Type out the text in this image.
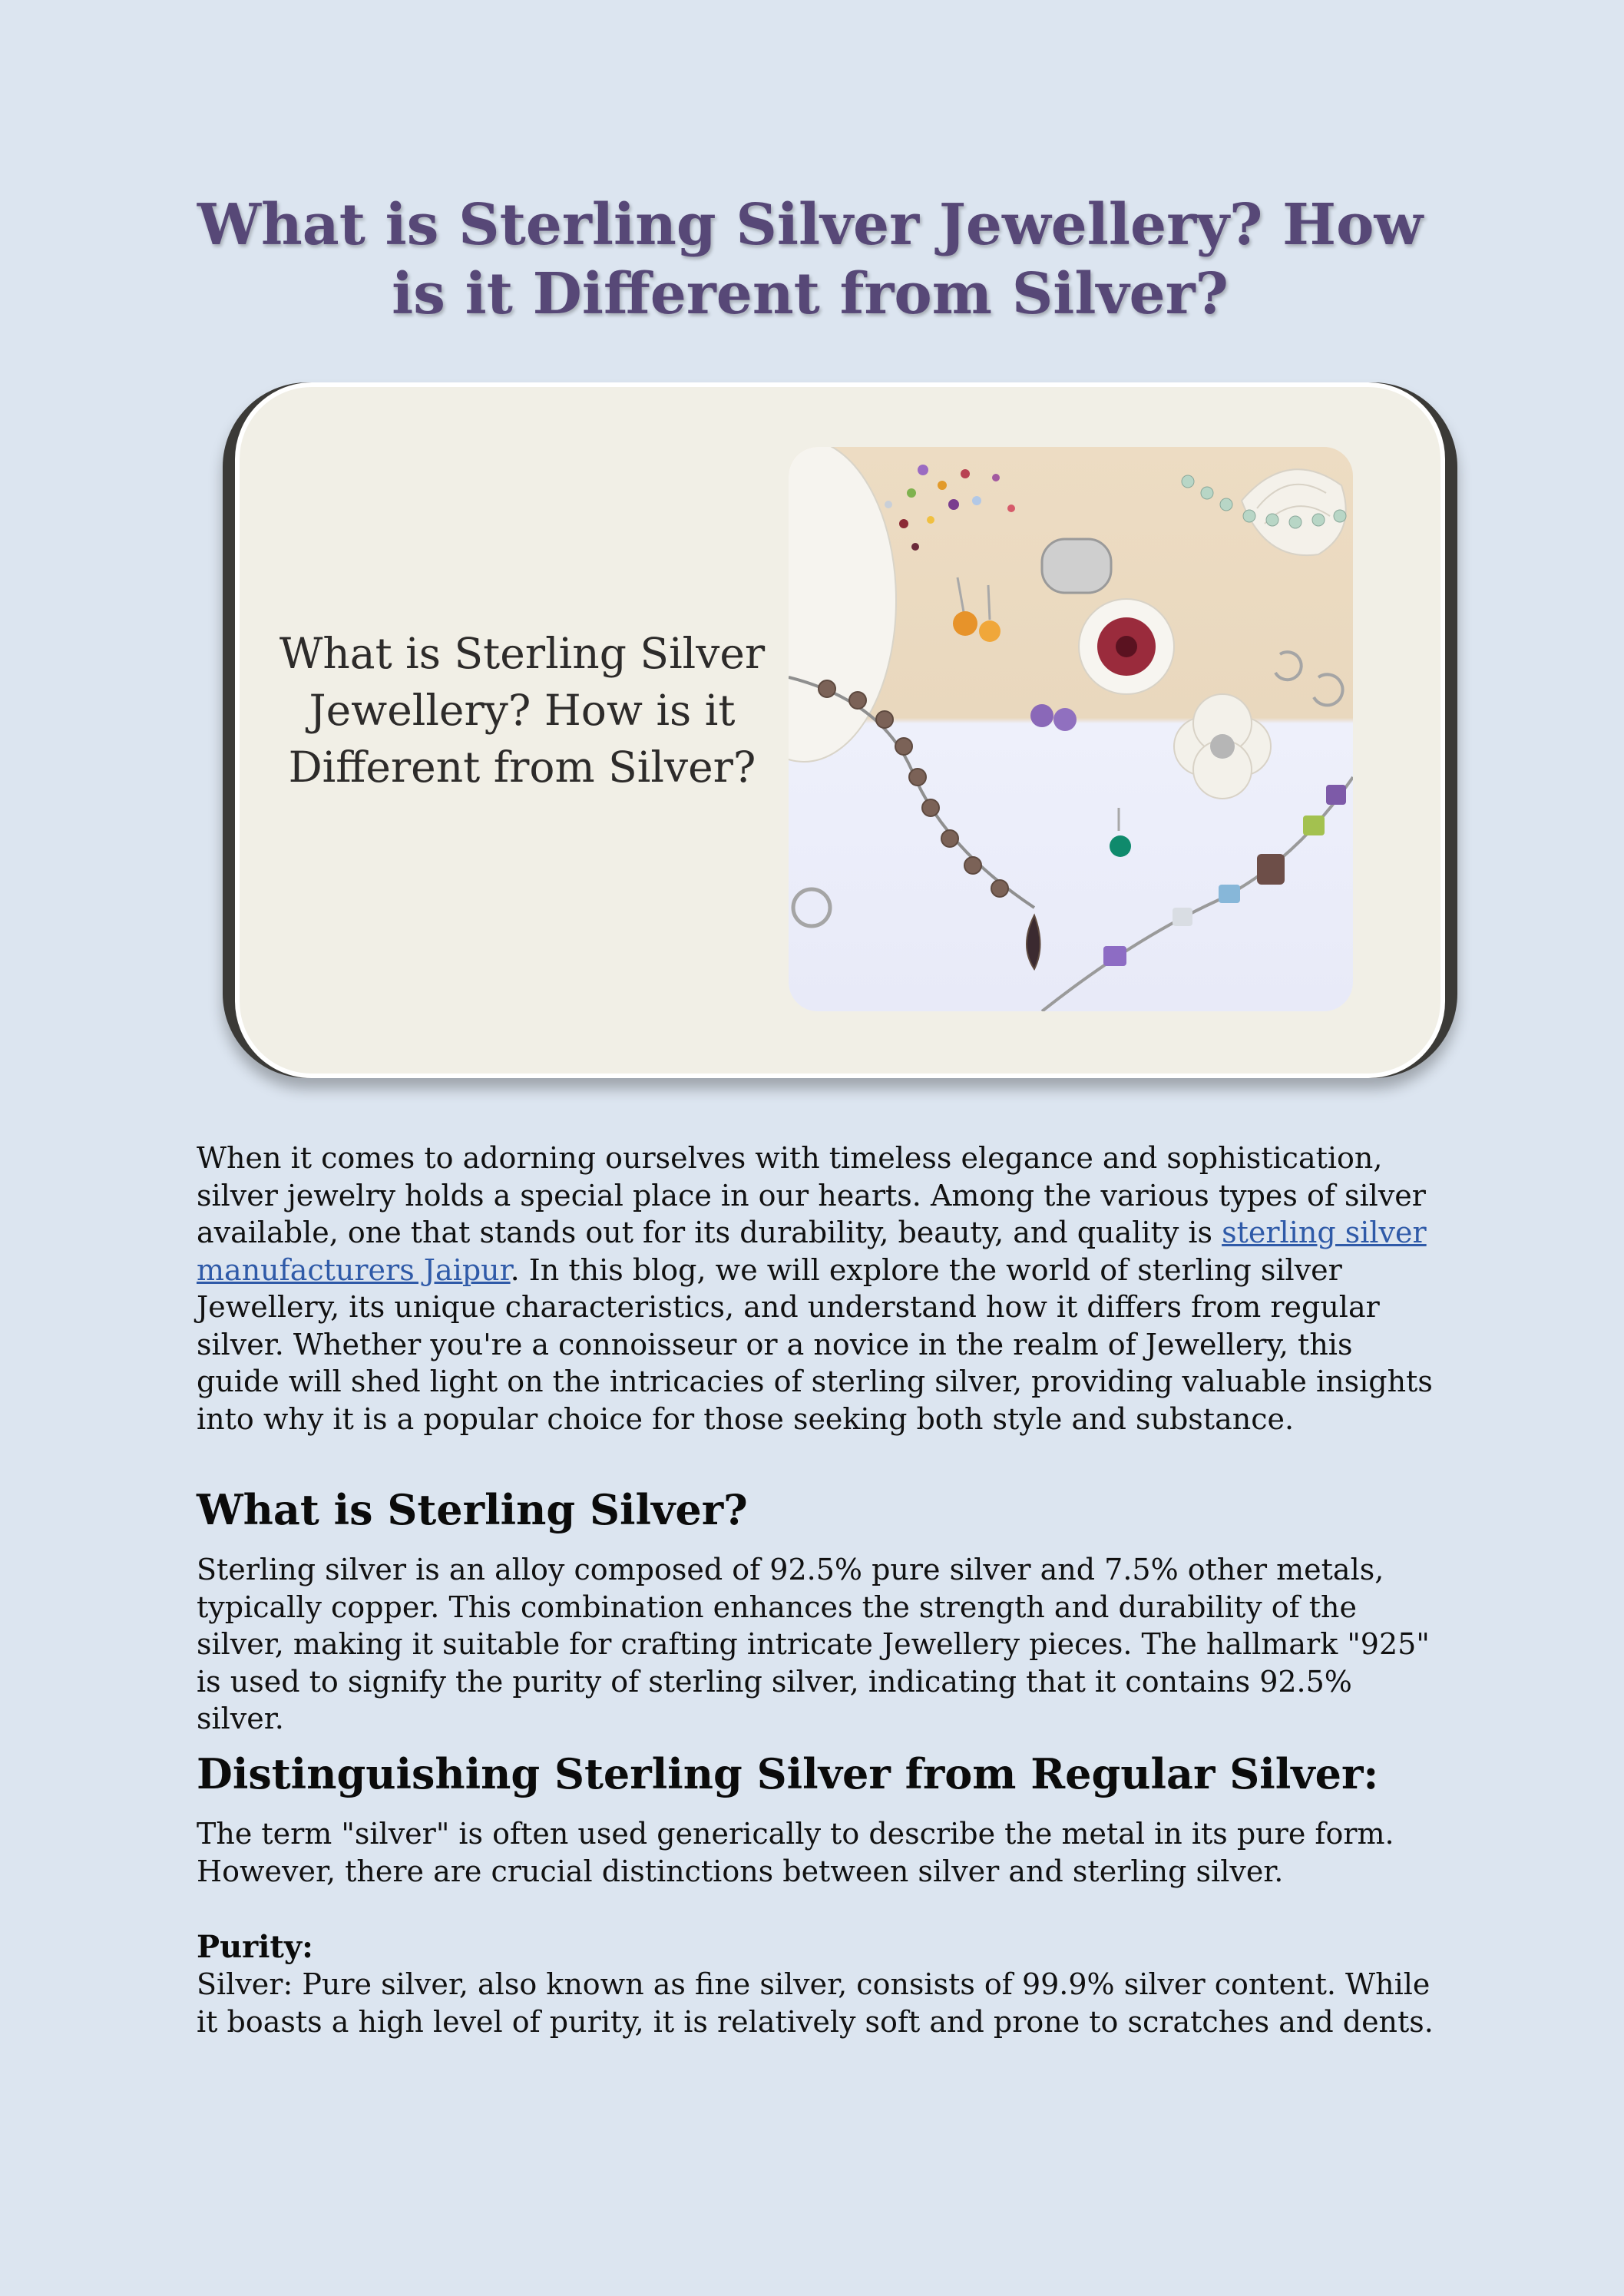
What is Sterling Silver Jewellery? How is it Different from Silver?
What is Sterling Silver
Jewellery? How is it
Different from Silver?

When it comes to adorning ourselves with timeless elegance and sophistication, silver jewelry holds a special place in our hearts. Among the various types of silver available, one that stands out for its durability, beauty, and quality is sterling silver manufacturers Jaipur. In this blog, we will explore the world of sterling silver Jewellery, its unique characteristics, and understand how it differs from regular silver. Whether you're a connoisseur or a novice in the realm of Jewellery, this guide will shed light on the intricacies of sterling silver, providing valuable insights into why it is a popular choice for those seeking both style and substance.

What is Sterling Silver?

Sterling silver is an alloy composed of 92.5% pure silver and 7.5% other metals, typically copper. This combination enhances the strength and durability of the silver, making it suitable for crafting intricate Jewellery pieces. The hallmark "925" is used to signify the purity of sterling silver, indicating that it contains 92.5% silver.

Distinguishing Sterling Silver from Regular Silver:

The term "silver" is often used generically to describe the metal in its pure form. However, there are crucial distinctions between silver and sterling silver.

Purity:

Silver: Pure silver, also known as fine silver, consists of 99.9% silver content. While it boasts a high level of purity, it is relatively soft and prone to scratches and dents.
